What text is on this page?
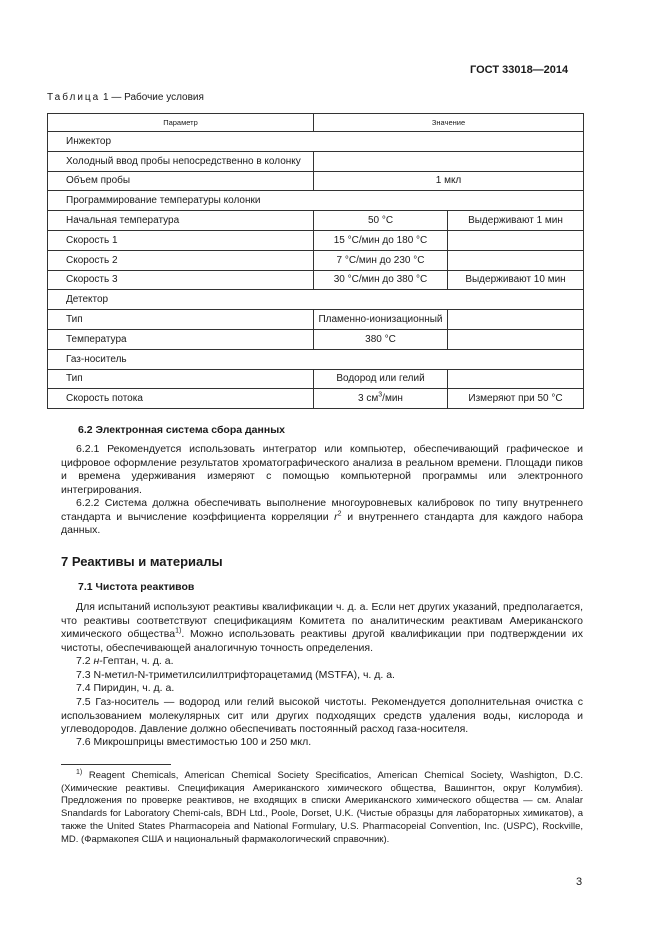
ГОСТ 33018—2014
Таблица 1 — Рабочие условия
Параметр	Значение	
Инжектор		
Холодный ввод пробы непосредственно в колонку		
Объем пробы	1 мкл	
Программирование температуры колонки		
Начальная температура	50 °С	Выдерживают 1 мин
Скорость 1	15 °С/мин до 180 °С	
Скорость 2	7 °С/мин до 230 °С	
Скорость 3	30 °С/мин до 380 °С	Выдерживают 10 мин
Детектор		
Тип	Пламенно-ионизационный	
Температура	380 °С	
Газ-носитель		
Тип	Водород или гелий	
Скорость потока	3 $см^3$/мин	Измеряют при 50 °С
6.2 Электронная система сбора данных
6.2.1 Рекомендуется использовать интегратор или компьютер, обеспечивающий графическое и цифровое оформление результатов хроматографического анализа в реальном времени. Площади пиков и времена удерживания измеряют с помощью компьютерной программы или электронного интегрирования.
6.2.2 Система должна обеспечивать выполнение многоуровневых калибровок по типу внутреннего стандарта и вычисление коэффициента корреляции $r^2$ и внутреннего стандарта для каждого набора данных.
7 Реактивы и материалы
7.1 Чистота реактивов
Для испытаний используют реактивы квалификации ч. д. а. Если нет других указаний, предполагается, что реактивы соответствуют спецификациям Комитета по аналитическим реактивам Американского химического общества$^{1)}$. Можно использовать реактивы другой квалификации при подтверждении их чистоты, обеспечивающей аналогичную точность определения.
7.2 н-Гептан, ч. д. а.
7.3 N-метил-N-триметилсилилтрифторацетамид (MSTFA), ч. д. а.
7.4 Пиридин, ч. д. а.
7.5 Газ-носитель — водород или гелий высокой чистоты. Рекомендуется дополнительная очистка с использованием молекулярных сит или других подходящих средств удаления воды, кислорода и углеводородов. Давление должно обеспечивать постоянный расход газа-носителя.
7.6 Микрошприцы вместимостью 100 и 250 мкл.
$^{1)}$ Reagent Chemicals, American Chemical Society Specificatios, American Chemical Society, Washigton, D.C. (Химические реактивы. Спецификация Американского химического общества, Вашингтон, округ Колумбия). Предложения по проверке реактивов, не входящих в списки Американского химического общества — см. Analar Snandards for Laboratory Chemi-cals, BDH Ltd., Poole, Dorset, U.K. (Чистые образцы для лабораторных химикатов), а также the United States Pharmacopeia and National Formulary, U.S. Pharmacopeial Convention, Inc. (USPC), Rockville, MD. (Фармакопея США и национальный фармакологический справочник).
3
